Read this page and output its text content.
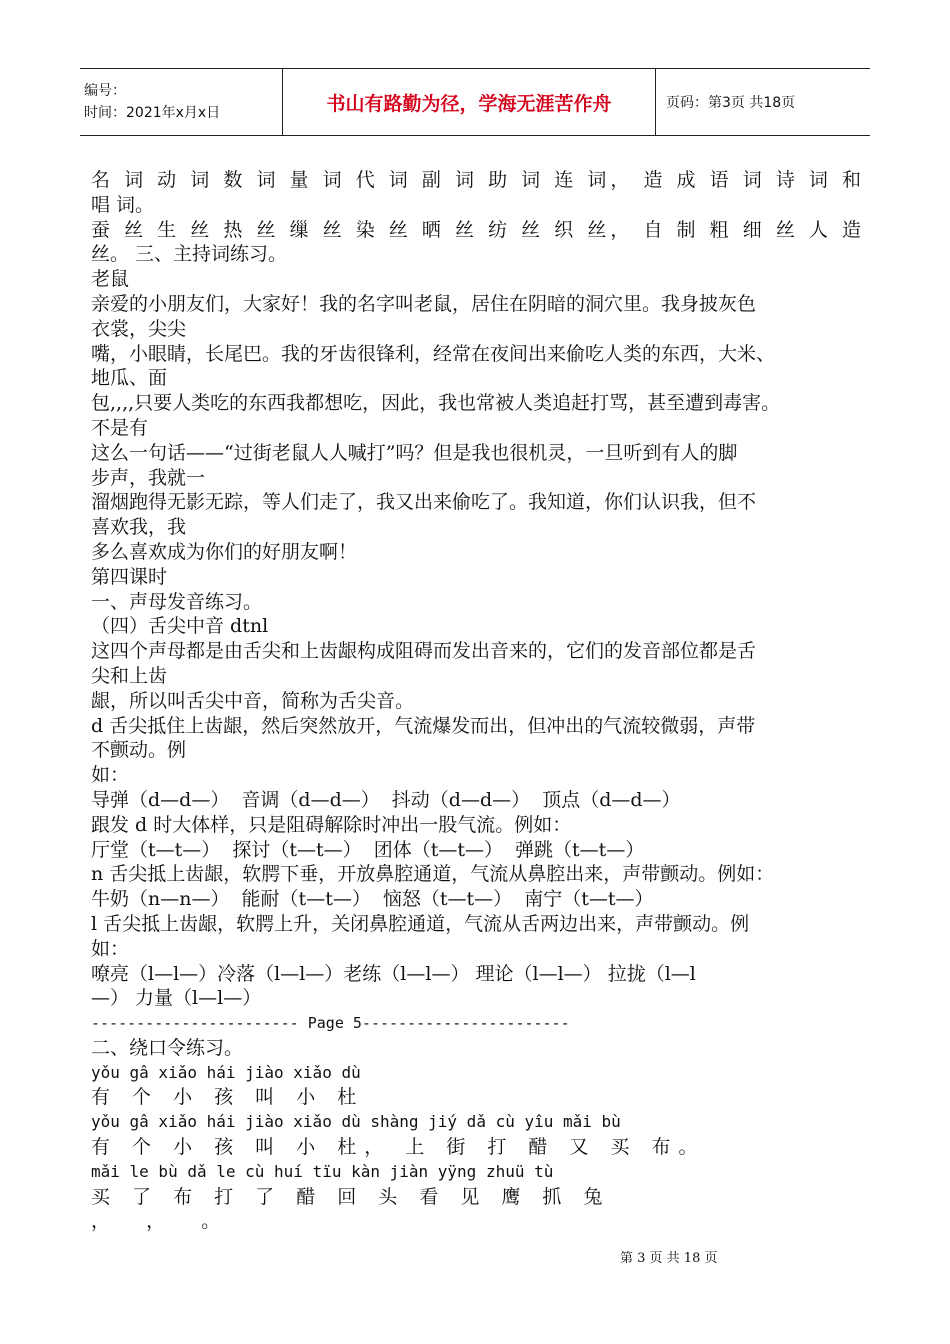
编号：
时间：2021年x月x日	书山有路勤为径，学海无涯苦作舟	页码：第3页 共18页
名 词 动 词 数 词 量 词 代 词 副 词 助 词 连 词， 造 成 语 词 诗 词 和
唱 词。
蚕 丝 生 丝 热 丝 缫 丝 染 丝 晒 丝 纺 丝 织 丝， 自 制 粗 细 丝 人 造
丝。 三、主持词练习。
老鼠
亲爱的小朋友们，大家好！我的名字叫老鼠，居住在阴暗的洞穴里。我身披灰色
衣裳，尖尖
嘴，小眼睛，长尾巴。我的牙齿很锋利，经常在夜间出来偷吃人类的东西，大米、
地瓜、面
包,,,,只要人类吃的东西我都想吃，因此，我也常被人类追赶打骂，甚至遭到毒害。
不是有
这么一句话——“过街老鼠人人喊打”吗？但是我也很机灵，一旦听到有人的脚
步声，我就一
溜烟跑得无影无踪，等人们走了，我又出来偷吃了。我知道，你们认识我，但不
喜欢我，我
多么喜欢成为你们的好朋友啊！
第四课时
一、声母发音练习。
（四）舌尖中音 dtnl
这四个声母都是由舌尖和上齿龈构成阻碍而发出音来的，它们的发音部位都是舌
尖和上齿
龈，所以叫舌尖中音，简称为舌尖音。
d 舌尖抵住上齿龈，然后突然放开，气流爆发而出，但冲出的气流较微弱，声带
不颤动。例
如：
导弹（d—d—）  音调（d—d—）  抖动（d—d—）  顶点（d—d—）
跟发 d 时大体样，只是阻碍解除时冲出一股气流。例如：
厅堂（t—t—）  探讨（t—t—）  团体（t—t—）  弹跳（t—t—）
n 舌尖抵上齿龈，软腭下垂，开放鼻腔通道，气流从鼻腔出来，声带颤动。例如：
牛奶（n—n—）  能耐（t—t—）  恼怒（t—t—）  南宁（t—t—）
l 舌尖抵上齿龈，软腭上升，关闭鼻腔通道，气流从舌两边出来，声带颤动。例
如：
嘹亮（l—l—）冷落（l—l—）老练（l—l—） 理论（l—l—） 拉拢（l—l
—） 力量（l—l—）
----------------------- Page 5-----------------------
二、绕口令练习。
yǒu gâ xiǎo hái jiào xiǎo dù
有 个 小 孩 叫 小 杜
yǒu gâ xiǎo hái jiào xiǎo dù shàng jiý dǎ cù yîu mǎi bù
有 个 小 孩 叫 小 杜， 上 街 打 醋 又 买 布。
mǎi le bù dǎ le cù huí tïu kàn jiàn yÿng zhuü tù
买 了 布 打 了 醋 回 头 看 见 鹰 抓 兔
，  ，  。
第 3 页 共 18 页
